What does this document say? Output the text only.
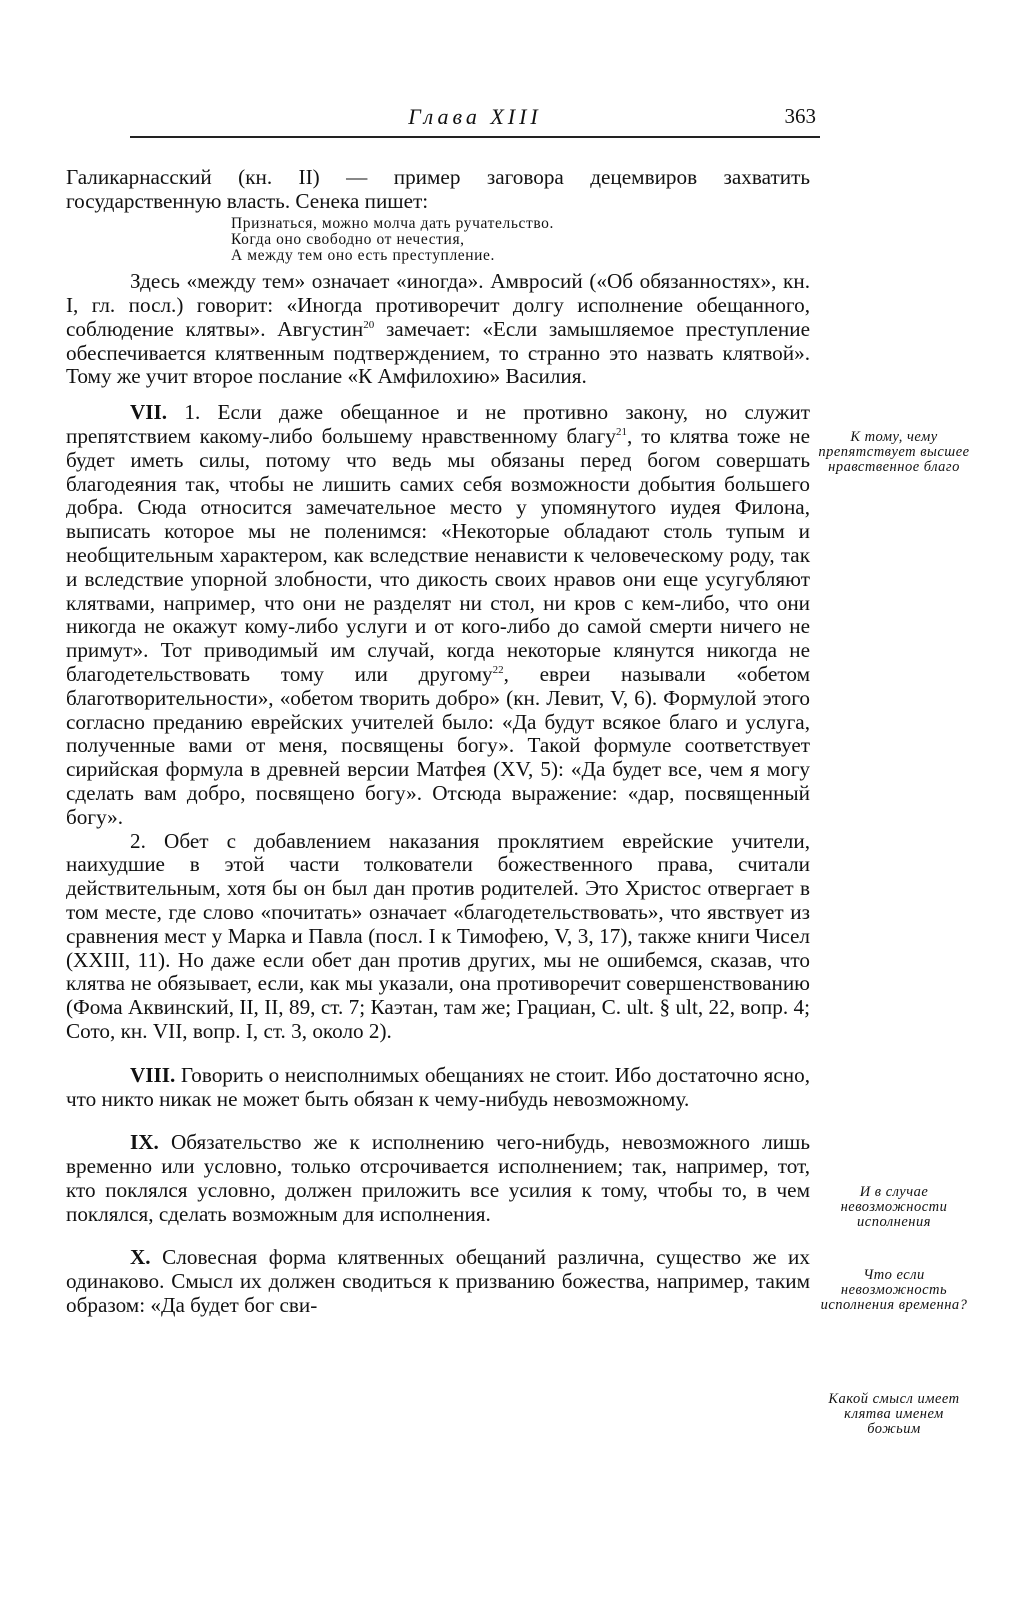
Глава XIII	363

Галикарнасский (кн. II) — пример заговора децемвиров захватить государственную власть. Сенека пишет:

Признаться, можно молча дать ручательство.
Когда оно свободно от нечестия,
А между тем оно есть преступление.

Здесь «между тем» означает «иногда». Амвросий («Об обязанностях», кн. I, гл. посл.) говорит: «Иногда противоречит долгу исполнение обещанного, соблюдение клятвы». Августин$^{20}$ замечает: «Если замышляемое преступление обеспечивается клятвенным подтверждением, то странно это назвать клятвой». Тому же учит второе послание «К Амфилохию» Василия.

VII. 1. Если даже обещанное и не противно закону, но служит препятствием какому-либо большему нравственному благу$^{21}$, то клятва тоже не будет иметь силы, потому что ведь мы обязаны перед богом совершать благодеяния так, чтобы не лишить самих себя возможности добытия большего добра. Сюда относится замечательное место у упомянутого иудея Филона, выписать которое мы не поленимся: «Некоторые обладают столь тупым и необщительным характером, как вследствие ненависти к человеческому роду, так и вследствие упорной злобности, что дикость своих нравов они еще усугубляют клятвами, например, что они не разделят ни стол, ни кров с кем-либо, что они никогда не окажут кому-либо услуги и от кого-либо до самой смерти ничего не примут». Тот приводимый им случай, когда некоторые клянутся никогда не благодетельствовать тому или другому$^{22}$, евреи называли «обетом благотворительности», «обетом творить добро» (кн. Левит, V, 6). Формулой этого согласно преданию еврейских учителей было: «Да будут всякое благо и услуга, полученные вами от меня, посвящены богу». Такой формуле соответствует сирийская формула в древней версии Матфея (XV, 5): «Да будет все, чем я могу сделать вам добро, посвящено богу». Отсюда выражение: «дар, посвященный богу».

2. Обет с добавлением наказания проклятием еврейские учители, наихудшие в этой части толкователи божественного права, считали действительным, хотя бы он был дан против родителей. Это Христос отвергает в том месте, где слово «почитать» означает «благодетельствовать», что явствует из сравнения мест у Марка и Павла (посл. I к Тимофею, V, 3, 17), также книги Чисел (XXIII, 11). Но даже если обет дан против других, мы не ошибемся, сказав, что клятва не обязывает, если, как мы указали, она противоречит совершенствованию (Фома Аквинский, II, II, 89, ст. 7; Каэтан, там же; Грациан, С. ult. § ult, 22, вопр. 4; Сото, кн. VII, вопр. I, ст. 3, около 2).

VIII. Говорить о неисполнимых обещаниях не стоит. Ибо достаточно ясно, что никто никак не может быть обязан к чему-нибудь невозможному.

IX. Обязательство же к исполнению чего-нибудь, невозможного лишь временно или условно, только отсрочивается исполнением; так, например, тот, кто поклялся условно, должен приложить все усилия к тому, чтобы то, в чем поклялся, сделать возможным для исполнения.

X. Словесная форма клятвенных обещаний различна, существо же их одинаково. Смысл их должен сводиться к призванию божества, например, таким образом: «Да будет бог сви-

К тому, чему препятствует высшее нравственное благо
И в случае невозможности исполнения
Что если невозможность исполнения временна?
Какой смысл имеет клятва именем божьим
